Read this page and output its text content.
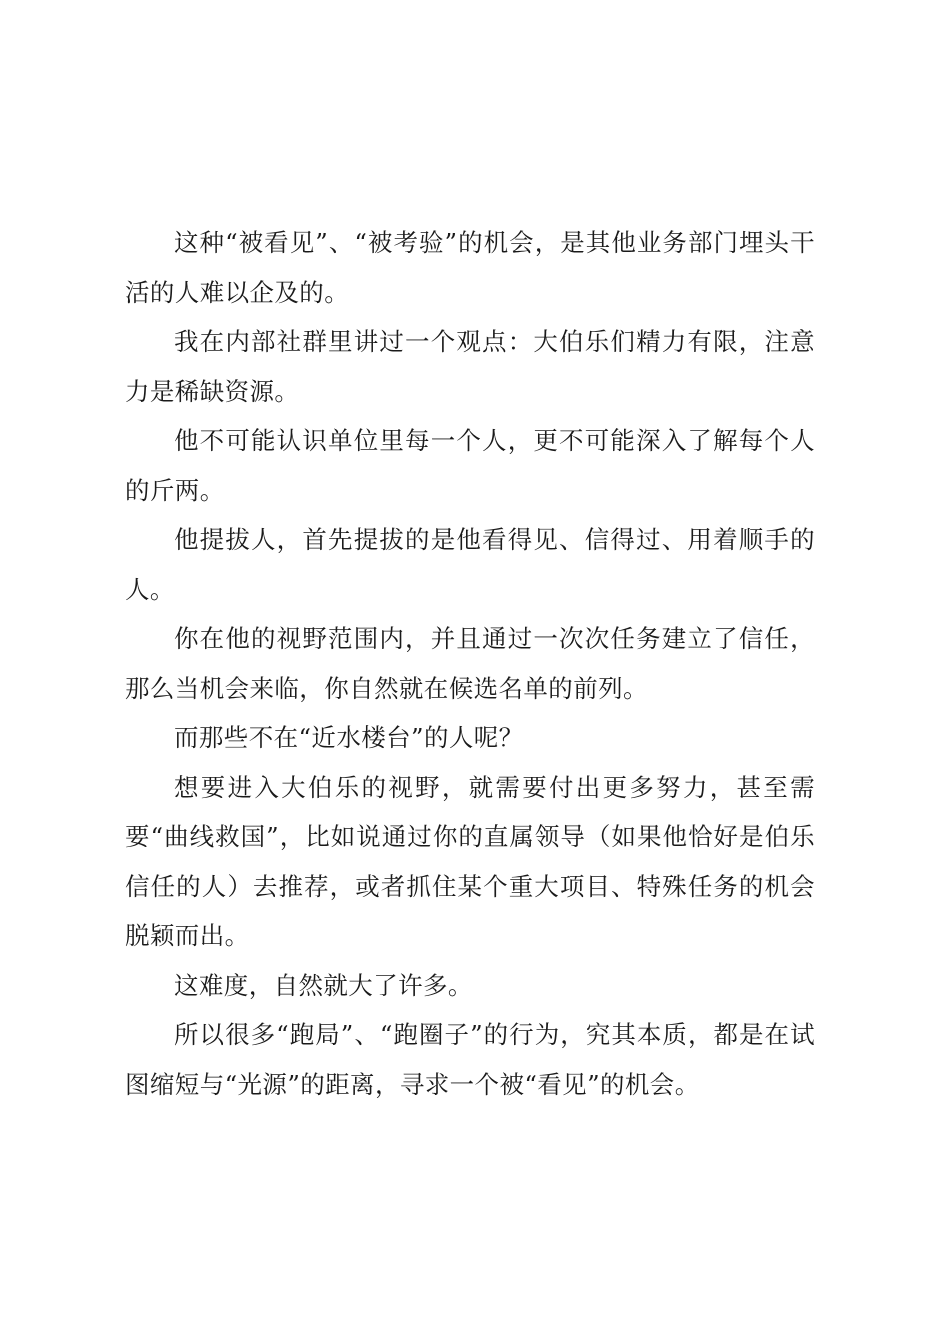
这种“被看见”、“被考验”的机会，是其他业务部门埋头干活的人难以企及的。

我在内部社群里讲过一个观点：大伯乐们精力有限，注意力是稀缺资源。

他不可能认识单位里每一个人，更不可能深入了解每个人的斤两。

他提拔人，首先提拔的是他看得见、信得过、用着顺手的人。

你在他的视野范围内，并且通过一次次任务建立了信任，那么当机会来临，你自然就在候选名单的前列。

而那些不在“近水楼台”的人呢？

想要进入大伯乐的视野，就需要付出更多努力，甚至需要“曲线救国”，比如说通过你的直属领导（如果他恰好是伯乐信任的人）去推荐，或者抓住某个重大项目、特殊任务的机会脱颖而出。

这难度，自然就大了许多。

所以很多“跑局”、“跑圈子”的行为，究其本质，都是在试图缩短与“光源”的距离，寻求一个被“看见”的机会。
